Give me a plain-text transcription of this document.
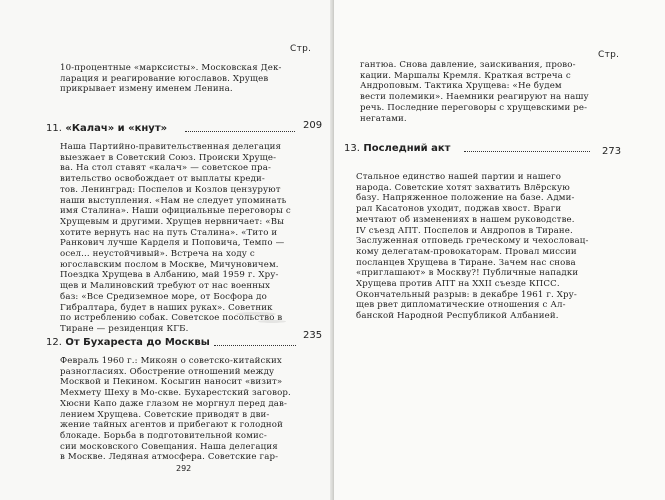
Стр.
10-процентные «марксисты». Московская Дек-
ларация и реагирование югославов. Хрущев
прикрывает измену именем Ленина.
11. «Калач» и «кнут»	209
Наша Партийно-правительственная делегация
выезжает в Советский Союз. Происки Хруще-
ва. На стол ставят «калач» — советское пра-
вительство освобождает от выплаты креди-
тов. Ленинград: Поспелов и Козлов цензуруют
наши выступления. «Нам не следует упоминать
имя Сталина». Наши официальные переговоры с
Хрущевым и другими. Хрущев нервничает: «Вы
хотите вернуть нас на путь Сталина». «Тито и
Ранкович лучше Карделя и Поповича, Темпо —
осел... неустойчивый». Встреча на ходу с
югославским послом в Москве, Мичуновичем.
Поездка Хрущева в Албанию, май 1959 г. Хру-
щев и Малиновский требуют от нас военных
баз: «Все Средиземное море, от Босфора до
Гибралтара, будет в наших руках». Советник
по истреблению собак. Советское посольство в
Тиране — резиденция КГБ.
12. От Бухареста до Москвы
235
Февраль 1960 г.: Микоян о советско-китайских
разногласиях. Обострение отношений между
Москвой и Пекином. Косыгин наносит «визит»
Мехмету Шеху в Мо-скве. Бухарестский заговор.
Хюсни Капо даже глазом не моргнул перед дав-
лением Хрущева. Советские приводят в дви-
жение тайных агентов и прибегают к голодной
блокаде. Борьба в подготовительной комис-
сии московского Совещания. Наша делегация
в Москве. Ледяная атмосфера. Советские гар-
292
Стр.
гантюа. Снова давление, заискивания, прово-
кации. Маршалы Кремля. Краткая встреча с
Андроповым. Тактика Хрущева: «Не будем
вести полемики». Наемники реагируют на нашу
речь. Последние переговоры с хрущевскими ре-
негатами.
13. Последний акт	273
Стальное единство нашей партии и нашего
народа. Советские хотят захватить Влёрскую
базу. Напряженное положение на базе. Адми-
рал Касатонов уходит, поджав хвост. Враги
мечтают об изменениях в нашем руководстве.
IV съезд АПТ. Поспелов и Андропов в Тиране.
Заслуженная отповедь греческому и чехословац-
кому делегатам-провокаторам. Провал миссии
посланцев Хрущева в Тиране. Зачем нас снова
«приглашают» в Москву?! Публичные нападки
Хрущева против АПТ на XXII съезде КПСС.
Окончательный разрыв: в декабре 1961 г. Хру-
щев рвет дипломатические отношения с Ал-
банской Народной Республикой Албанией.
